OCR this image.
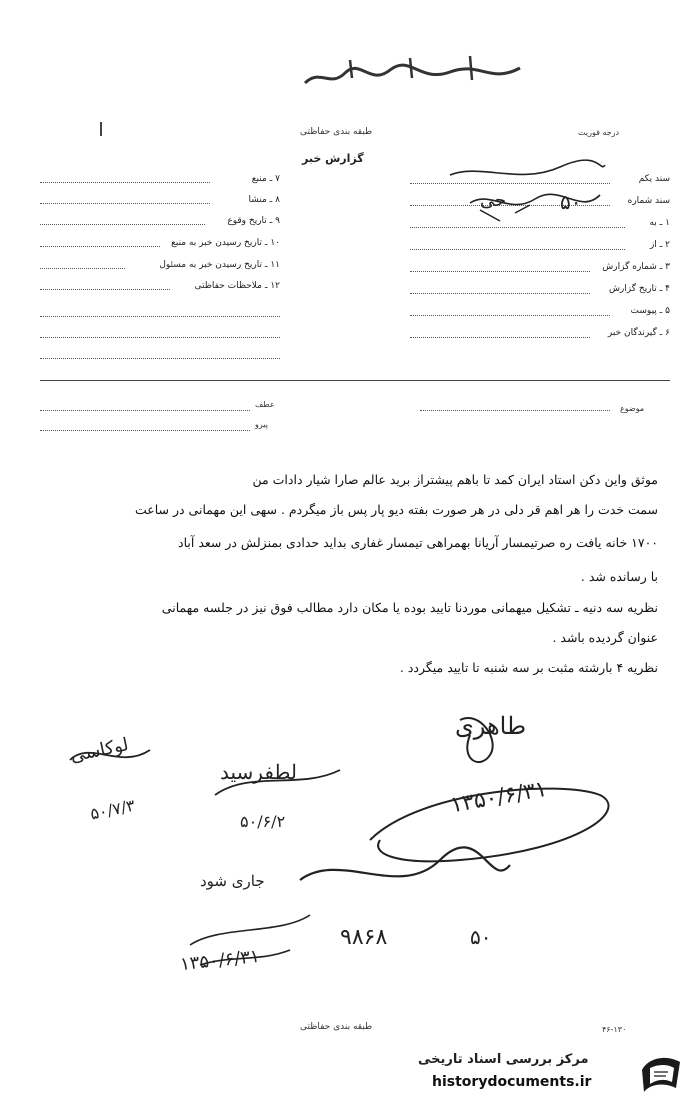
طبقه بندی حفاظتی
گزارش خبر
درجه فوریت
۷ ـ منبع
۸ ـ منشا
۹ ـ تاریخ وقوع
۱۰ ـ تاریخ رسیدن خبر به منبع
۱۱ ـ تاریخ رسیدن خبر به مسئول
۱۲ ـ ملاحظات حفاظتی
سند یکم
سند شماره
۱ ـ به
۲ ـ از
۳ ـ شماره گزارش
۴ ـ تاریخ گزارش
۵ ـ پیوست
۶ ـ گیرندگان خبر
۵۰
حی
عطف
پیرو
موضوع
موثق واین دکن استاد ایران کمد تا باهم پیشتراز برید عالم صارا شیار دادات من
سمت خدت را هر اهم قر دلی در هر صورت بفته دیو پار پس باز میگردم . سهی این مهمانی در ساعت
۱۷۰۰ خانه یافت ره صرتیمسار آریانا بهمراهی تیمسار غفاری بداید حدادی بمنزلش در سعد آباد
با رسانده شد .
نظریه سه دنیه ـ تشکیل میهمانی موردنا تایید بوده یا مکان دارد مطالب فوق نیز در جلسه مهمانی
عنوان گردیده باشد .
نظریه ۴ بارشته مثبت بر سه شنبه تا تایید میگردد .
طاهری
۱۳۵۰/۶/۳۱
لطفرسید
۵۰/۶/۲
لوکاسی
۵۰/۷/۳
۹۸۶۸	۵۰
۱۳۵۰/۶/۳۱
جاری شود
طبقه بندی حفاظتی	۴۶-۱۳۰
مرکز بررسی اسناد تاریخی
historydocuments.ir
